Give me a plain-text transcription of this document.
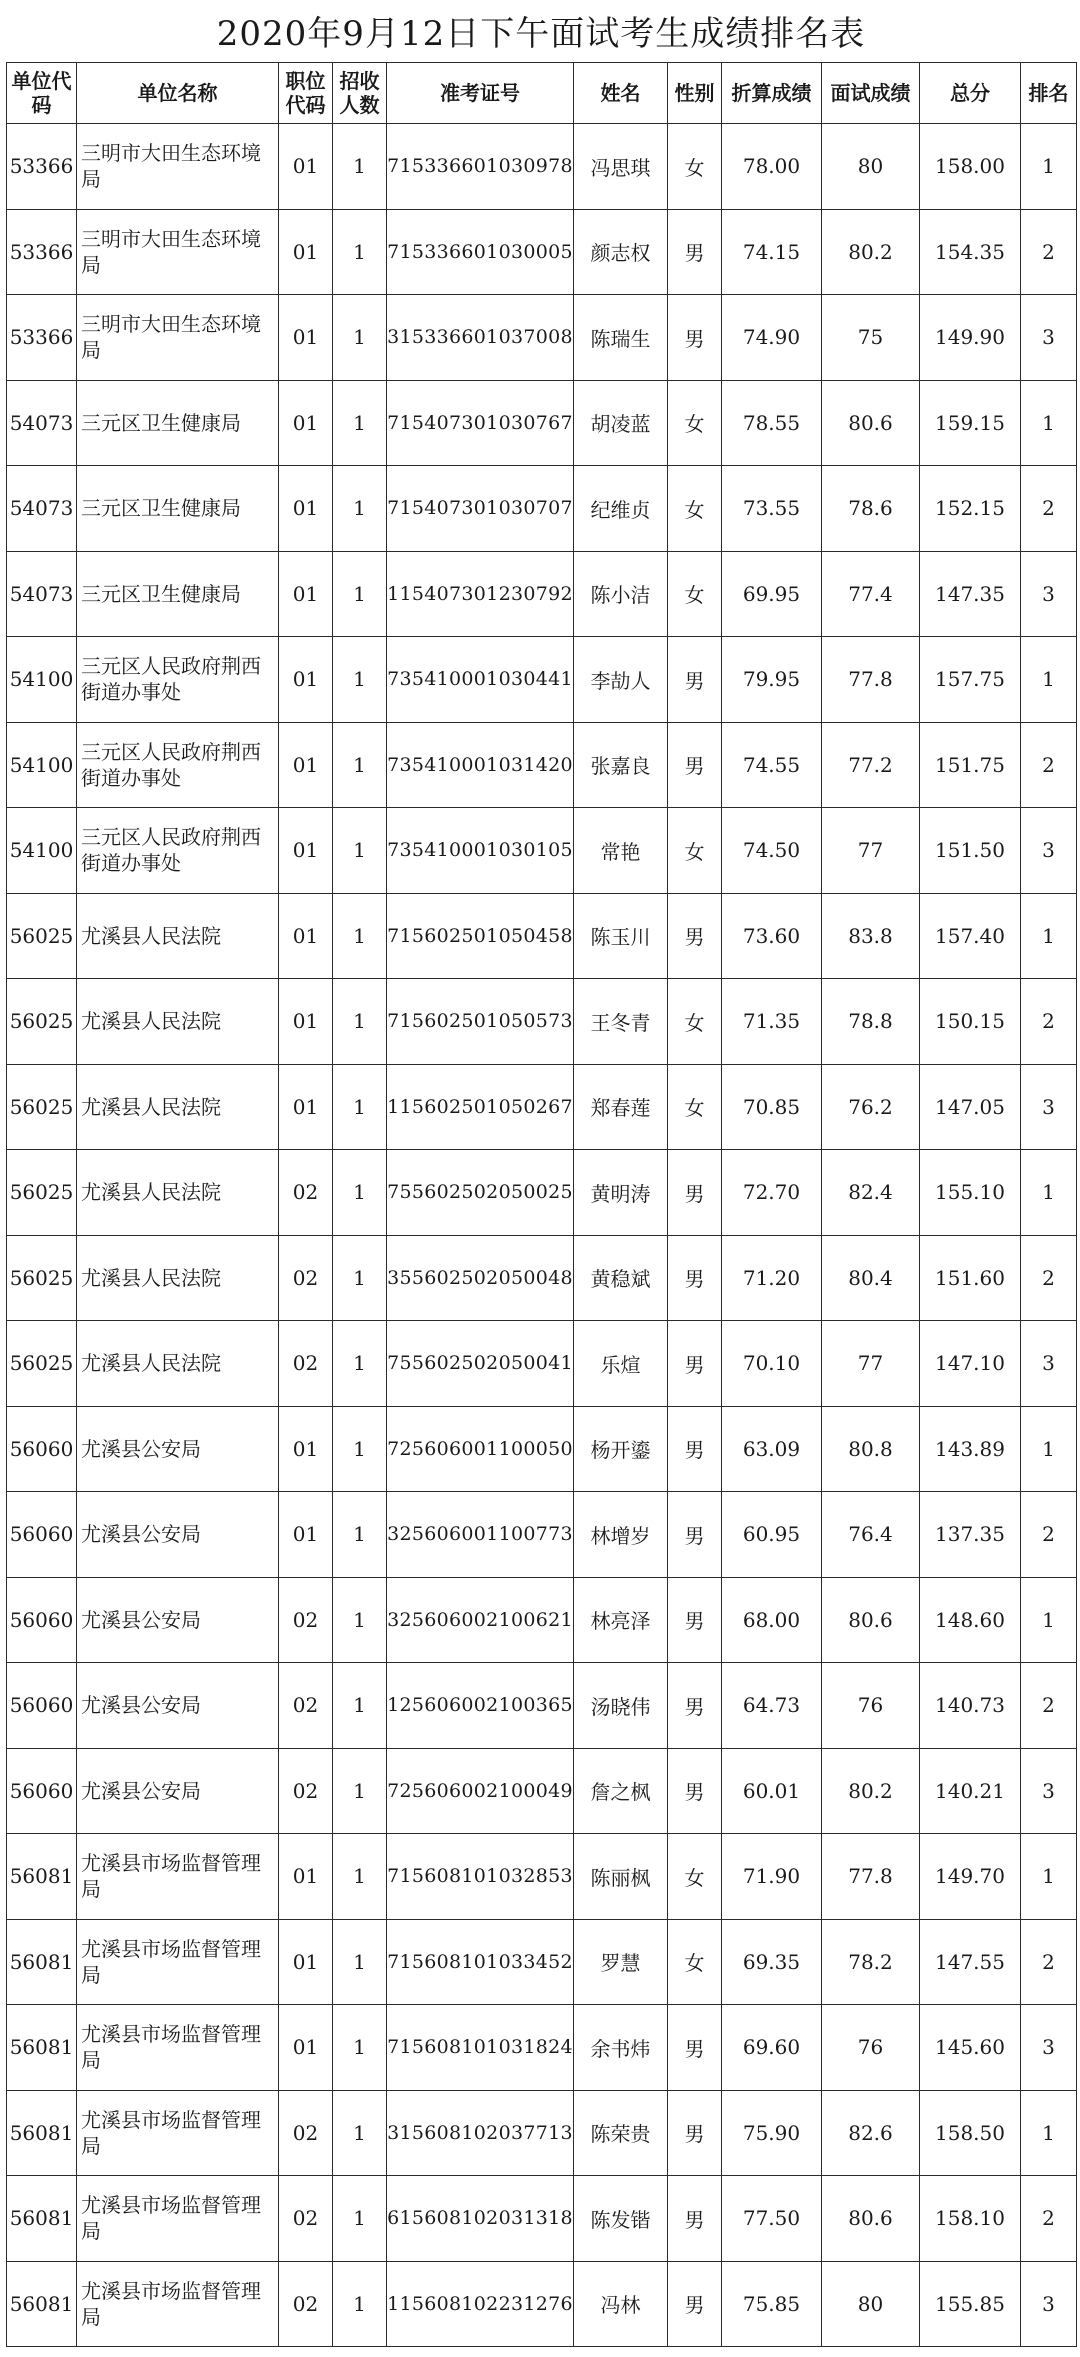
2020年9月12日下午面试考生成绩排名表
单位代码	单位名称	职位代码	招收人数	准考证号	姓名	性别	折算成绩	面试成绩	总分	排名
53366	三明市大田生态环境局	01	1	715336601030978	冯思琪	女	78.00	80	158.00	1
53366	三明市大田生态环境局	01	1	715336601030005	颜志权	男	74.15	80.2	154.35	2
53366	三明市大田生态环境局	01	1	315336601037008	陈瑞生	男	74.90	75	149.90	3
54073	三元区卫生健康局	01	1	715407301030767	胡凌蓝	女	78.55	80.6	159.15	1
54073	三元区卫生健康局	01	1	715407301030707	纪维贞	女	73.55	78.6	152.15	2
54073	三元区卫生健康局	01	1	115407301230792	陈小洁	女	69.95	77.4	147.35	3
54100	三元区人民政府荆西街道办事处	01	1	735410001030441	李劼人	男	79.95	77.8	157.75	1
54100	三元区人民政府荆西街道办事处	01	1	735410001031420	张嘉良	男	74.55	77.2	151.75	2
54100	三元区人民政府荆西街道办事处	01	1	735410001030105	常艳	女	74.50	77	151.50	3
56025	尤溪县人民法院	01	1	715602501050458	陈玉川	男	73.60	83.8	157.40	1
56025	尤溪县人民法院	01	1	715602501050573	王冬青	女	71.35	78.8	150.15	2
56025	尤溪县人民法院	01	1	115602501050267	郑春莲	女	70.85	76.2	147.05	3
56025	尤溪县人民法院	02	1	755602502050025	黄明涛	男	72.70	82.4	155.10	1
56025	尤溪县人民法院	02	1	355602502050048	黄稳斌	男	71.20	80.4	151.60	2
56025	尤溪县人民法院	02	1	755602502050041	乐煊	男	70.10	77	147.10	3
56060	尤溪县公安局	01	1	725606001100050	杨开鎏	男	63.09	80.8	143.89	1
56060	尤溪县公安局	01	1	325606001100773	林增岁	男	60.95	76.4	137.35	2
56060	尤溪县公安局	02	1	325606002100621	林亮泽	男	68.00	80.6	148.60	1
56060	尤溪县公安局	02	1	125606002100365	汤晓伟	男	64.73	76	140.73	2
56060	尤溪县公安局	02	1	725606002100049	詹之枫	男	60.01	80.2	140.21	3
56081	尤溪县市场监督管理局	01	1	715608101032853	陈丽枫	女	71.90	77.8	149.70	1
56081	尤溪县市场监督管理局	01	1	715608101033452	罗慧	女	69.35	78.2	147.55	2
56081	尤溪县市场监督管理局	01	1	715608101031824	余书炜	男	69.60	76	145.60	3
56081	尤溪县市场监督管理局	02	1	315608102037713	陈荣贵	男	75.90	82.6	158.50	1
56081	尤溪县市场监督管理局	02	1	615608102031318	陈发锴	男	77.50	80.6	158.10	2
56081	尤溪县市场监督管理局	02	1	115608102231276	冯林	男	75.85	80	155.85	3
